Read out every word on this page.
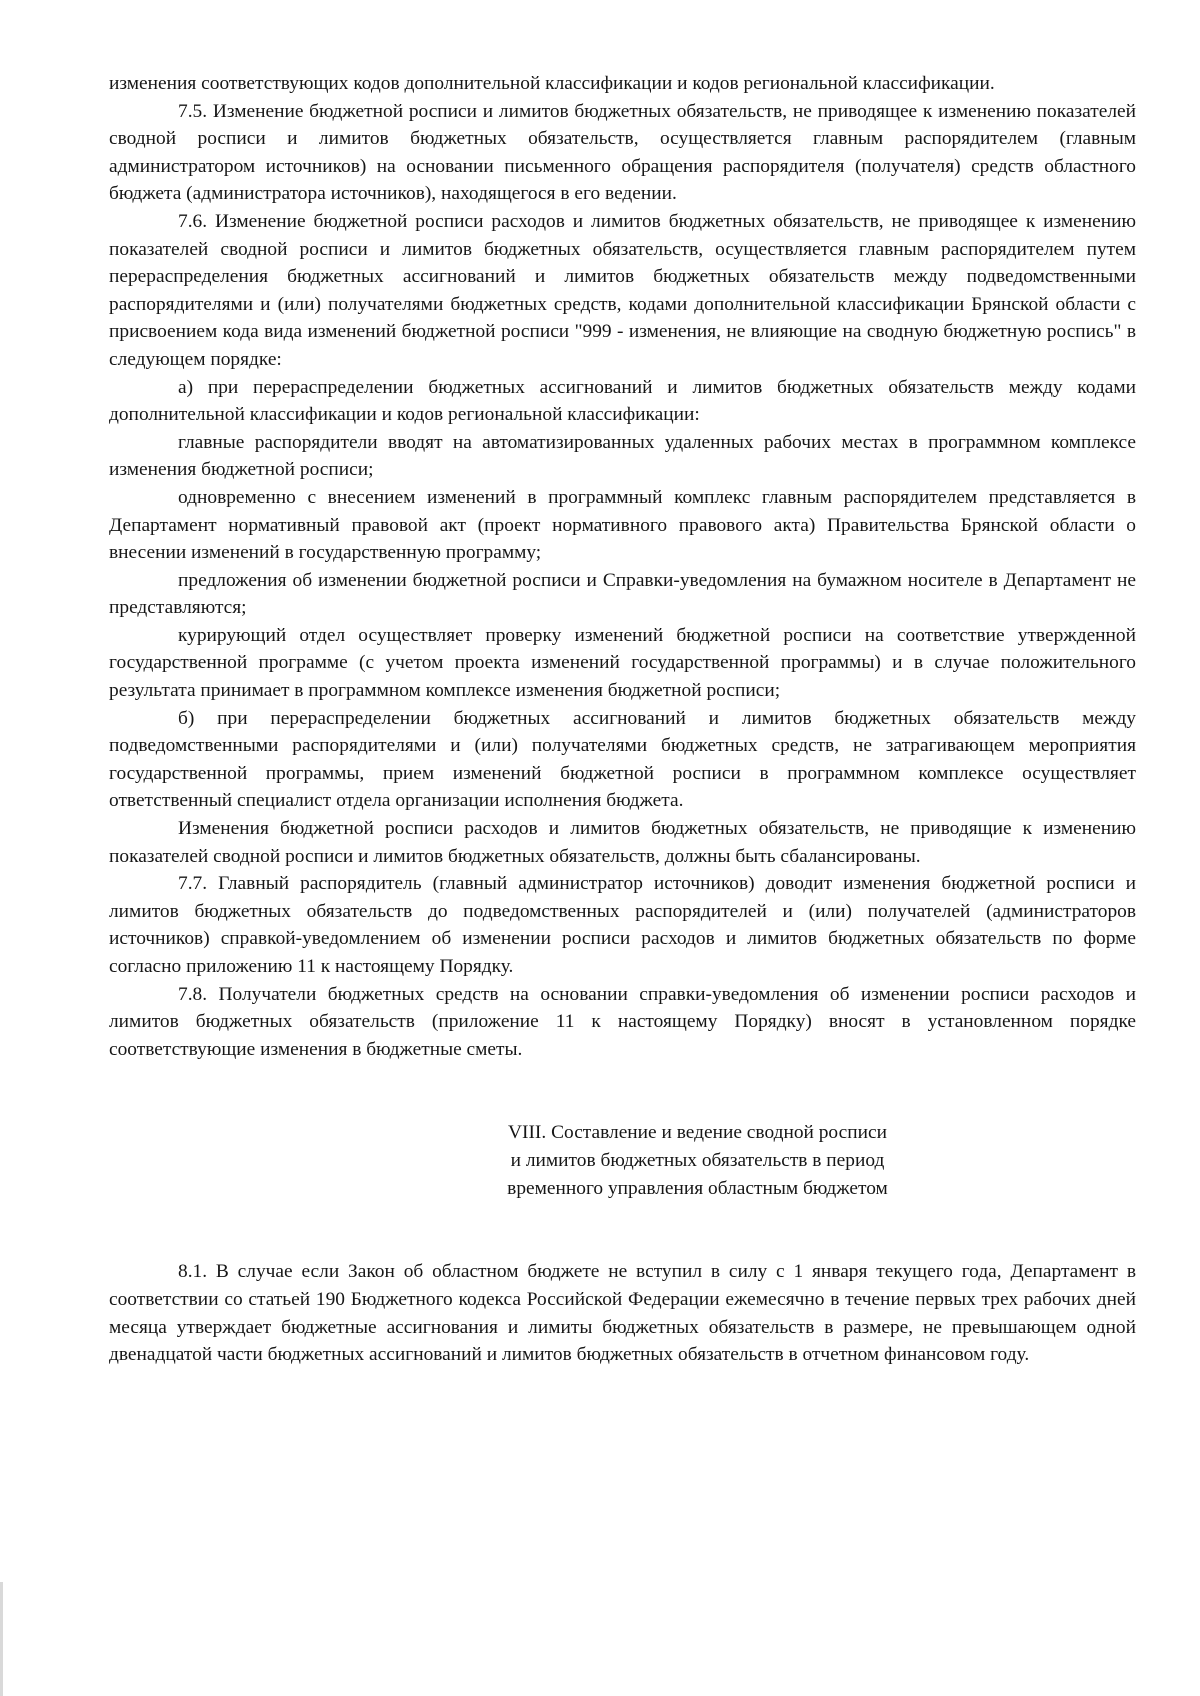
изменения соответствующих кодов дополнительной классификации и кодов региональной классификации.

7.5. Изменение бюджетной росписи и лимитов бюджетных обязательств, не приводящее к изменению показателей сводной росписи и лимитов бюджетных обязательств, осуществляется главным распорядителем (главным администратором источников) на основании письменного обращения распорядителя (получателя) средств областного бюджета (администратора источников), находящегося в его ведении.

7.6. Изменение бюджетной росписи расходов и лимитов бюджетных обязательств, не приводящее к изменению показателей сводной росписи и лимитов бюджетных обязательств, осуществляется главным распорядителем путем перераспределения бюджетных ассигнований и лимитов бюджетных обязательств между подведомственными распорядителями и (или) получателями бюджетных средств, кодами дополнительной классификации Брянской области с присвоением кода вида изменений бюджетной росписи "999 - изменения, не влияющие на сводную бюджетную роспись" в следующем порядке:

а) при перераспределении бюджетных ассигнований и лимитов бюджетных обязательств между кодами дополнительной классификации и кодов региональной классификации:

главные распорядители вводят на автоматизированных удаленных рабочих местах в программном комплексе изменения бюджетной росписи;

одновременно с внесением изменений в программный комплекс главным распорядителем представляется в Департамент нормативный правовой акт (проект нормативного правового акта) Правительства Брянской области о внесении изменений в государственную программу;

предложения об изменении бюджетной росписи и Справки-уведомления на бумажном носителе в Департамент не представляются;

курирующий отдел осуществляет проверку изменений бюджетной росписи на соответствие утвержденной государственной программе (с учетом проекта изменений государственной программы) и в случае положительного результата принимает в программном комплексе изменения бюджетной росписи;

б) при перераспределении бюджетных ассигнований и лимитов бюджетных обязательств между подведомственными распорядителями и (или) получателями бюджетных средств, не затрагивающем мероприятия государственной программы, прием изменений бюджетной росписи в программном комплексе осуществляет ответственный специалист отдела организации исполнения бюджета.

Изменения бюджетной росписи расходов и лимитов бюджетных обязательств, не приводящие к изменению показателей сводной росписи и лимитов бюджетных обязательств, должны быть сбалансированы.

7.7. Главный распорядитель (главный администратор источников) доводит изменения бюджетной росписи и лимитов бюджетных обязательств до подведомственных распорядителей и (или) получателей (администраторов источников) справкой-уведомлением об изменении росписи расходов и лимитов бюджетных обязательств по форме согласно приложению 11 к настоящему Порядку.

7.8. Получатели бюджетных средств на основании справки-уведомления об изменении росписи расходов и лимитов бюджетных обязательств (приложение 11 к настоящему Порядку) вносят в установленном порядке соответствующие изменения в бюджетные сметы.

VIII. Составление и ведение сводной росписи
и лимитов бюджетных обязательств в период
временного управления областным бюджетом

8.1. В случае если Закон об областном бюджете не вступил в силу с 1 января текущего года, Департамент в соответствии со статьей 190 Бюджетного кодекса Российской Федерации ежемесячно в течение первых трех рабочих дней месяца утверждает бюджетные ассигнования и лимиты бюджетных обязательств в размере, не превышающем одной двенадцатой части бюджетных ассигнований и лимитов бюджетных обязательств в отчетном финансовом году.
